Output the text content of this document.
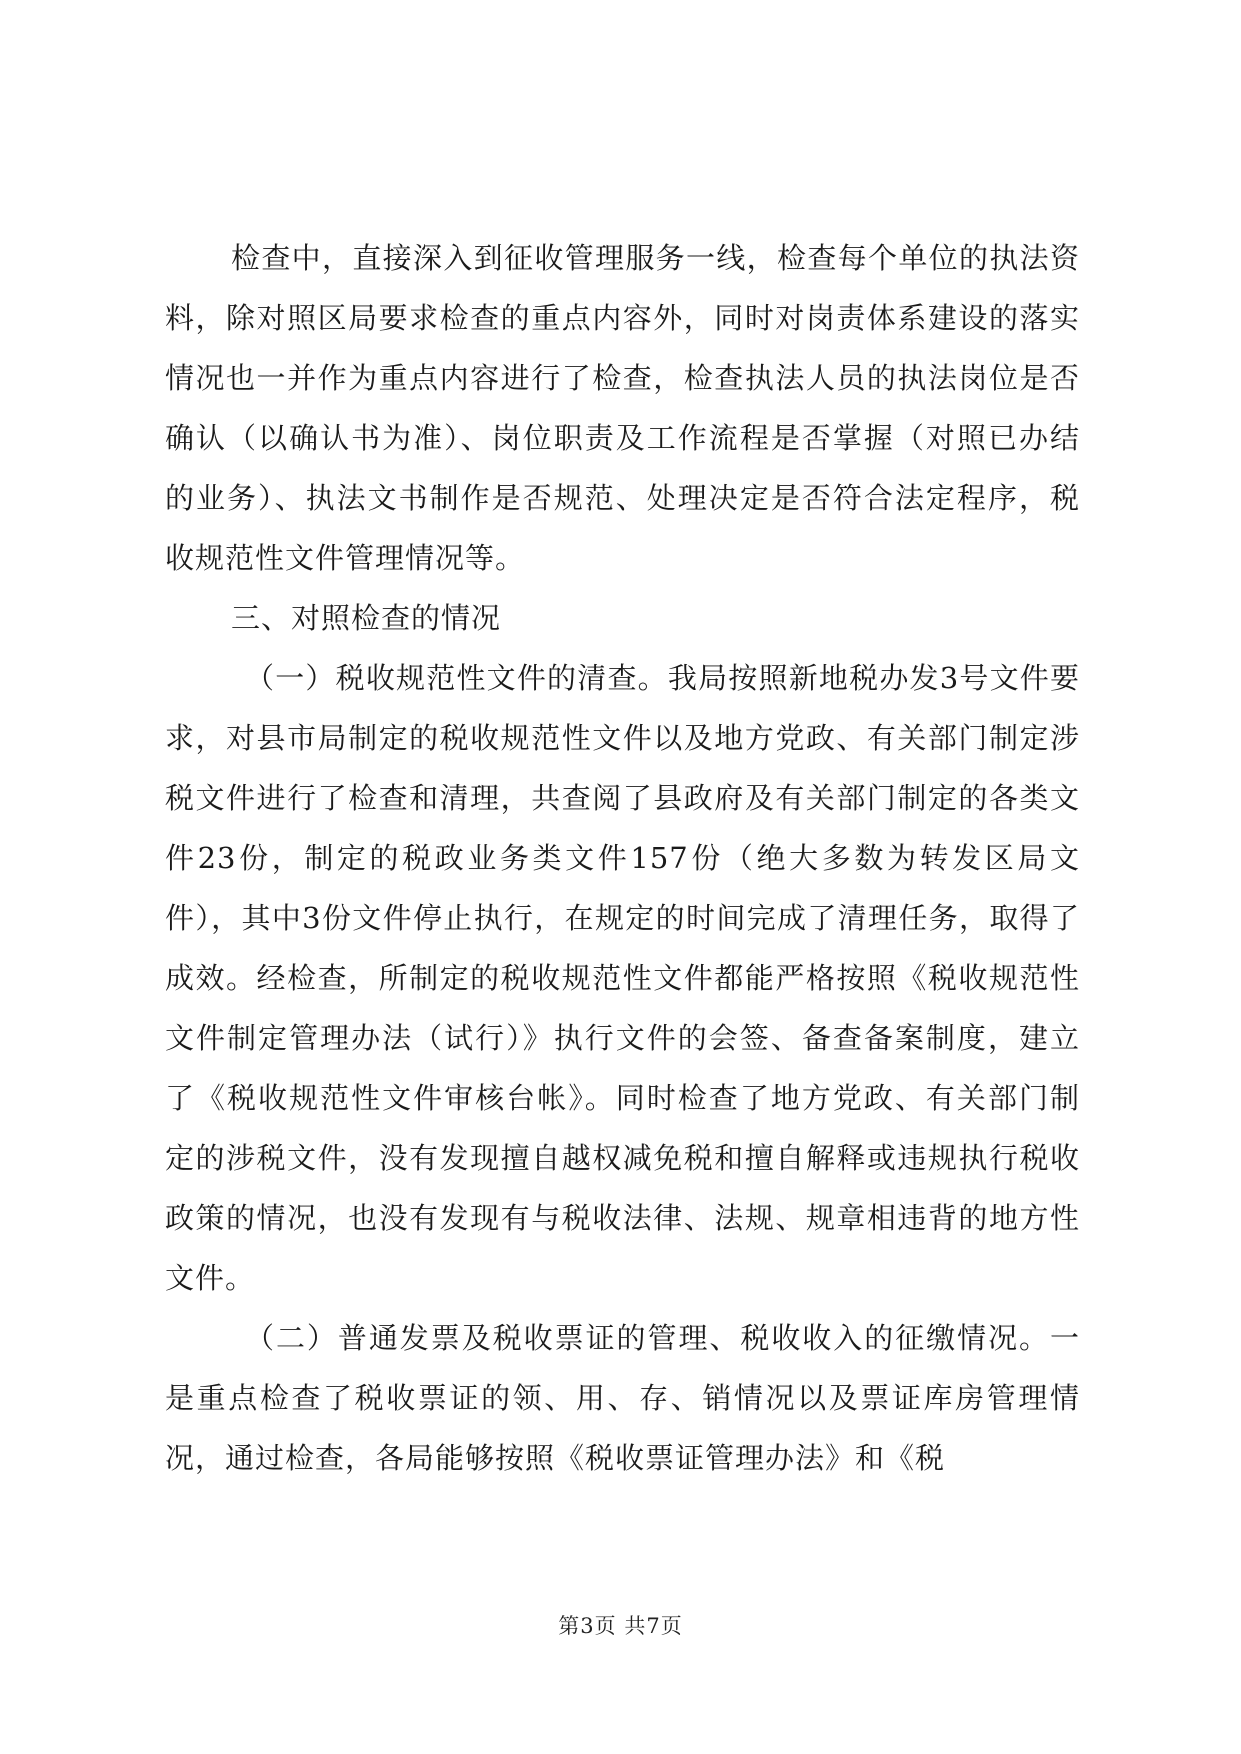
检查中，直接深入到征收管理服务一线，检查每个单位的执法资料，除对照区局要求检查的重点内容外，同时对岗责体系建设的落实情况也一并作为重点内容进行了检查，检查执法人员的执法岗位是否确认（以确认书为准）、岗位职责及工作流程是否掌握（对照已办结的业务）、执法文书制作是否规范、处理决定是否符合法定程序，税收规范性文件管理情况等。

三、对照检查的情况

（一）税收规范性文件的清查。我局按照新地税办发3号文件要求，对县市局制定的税收规范性文件以及地方党政、有关部门制定涉税文件进行了检查和清理，共查阅了县政府及有关部门制定的各类文件23份，制定的税政业务类文件157份（绝大多数为转发区局文件），其中3份文件停止执行，在规定的时间完成了清理任务，取得了成效。经检查，所制定的税收规范性文件都能严格按照《税收规范性文件制定管理办法（试行）》执行文件的会签、备查备案制度，建立了《税收规范性文件审核台帐》。同时检查了地方党政、有关部门制定的涉税文件，没有发现擅自越权减免税和擅自解释或违规执行税收政策的情况，也没有发现有与税收法律、法规、规章相违背的地方性文件。

（二）普通发票及税收票证的管理、税收收入的征缴情况。一是重点检查了税收票证的领、用、存、销情况以及票证库房管理情况，通过检查，各局能够按照《税收票证管理办法》和《税

第3页 共7页
